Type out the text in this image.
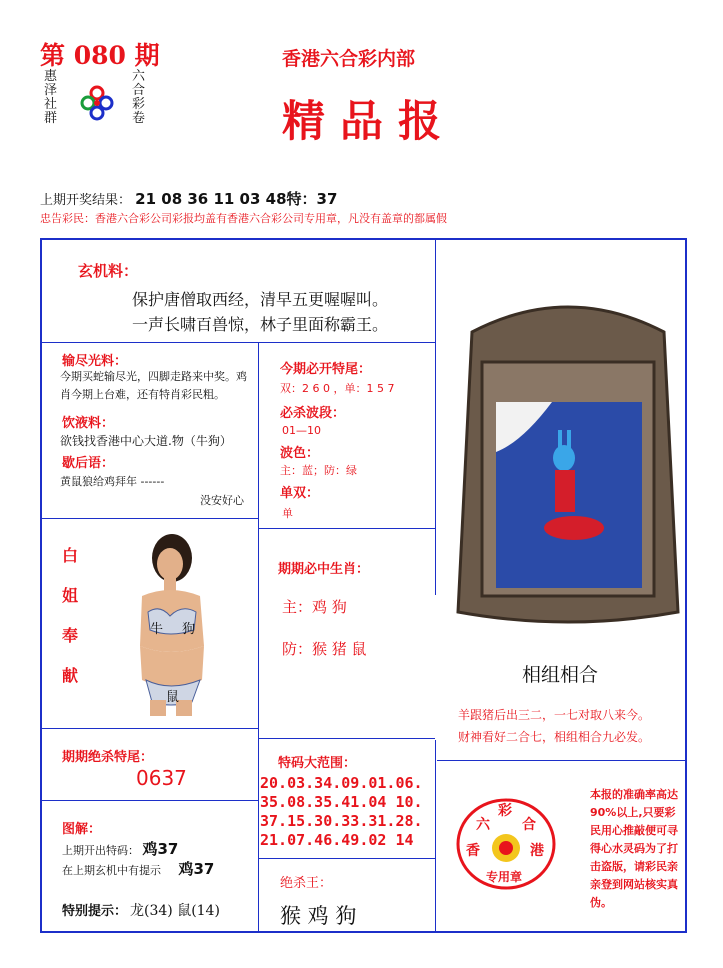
第 080 期
惠
泽
社
群
六
合
彩
卷
香港六合彩内部
精 品 报
上期开奖结果： 21 08 36 11 03 48特：37
忠告彩民：香港六合彩公司彩报均盖有香港六合彩公司专用章，凡没有盖章的都属假
玄机料：
保护唐僧取西经，清早五更喔喔叫。
一声长啸百兽惊，林子里面称霸王。
输尽光料：
今期买蛇输尽光，四脚走路来中奖。鸡肖今期上台难，还有特肖彩民粗。
饮液料：
欲钱找香港中心大道.物（牛狗）
歇后语：
黄鼠狼给鸡拜年 ------
没安好心
今期必开特尾：
双：2 6 0 ，单：1 5 7
必杀波段：
01—10
波色：
主：蓝；防：绿
单双：
单
期期必中生肖：
主：鸡 狗
防：猴 猪 鼠
白
姐
奉
献
牛 狗
鼠
相组相合
羊跟猪后出三二，一七对取八来今。
财神看好二合七，相组相合九必发。
期期绝杀特尾：
0637
特码大范围：
20.03.34.09.01.06.
35.08.35.41.04 10.
37.15.30.33.31.28.
21.07.46.49.02 14
图解：
上期开出特码： 鸡37
在上期玄机中有提示 鸡37
特别提示： 龙(34) 鼠(14)
绝杀王：
猴 鸡 狗
六
彩
合
港
香
专用章
本报的准确率高达 90%以上,只要彩民用心推敲便可寻得心水灵码为了打击盗版，请彩民亲亲登到网站核实真伪。
